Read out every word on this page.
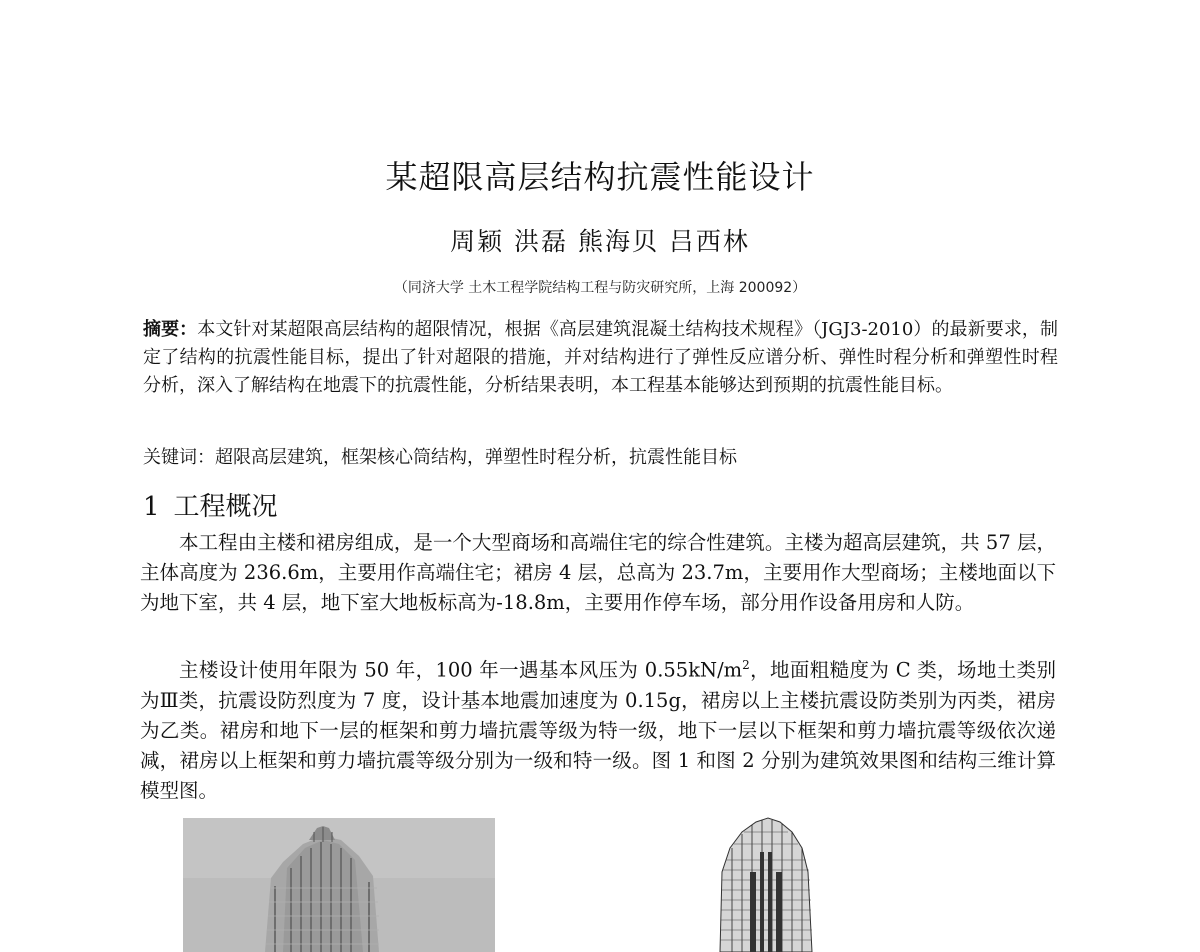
某超限高层结构抗震性能设计
周颖 洪磊 熊海贝 吕西林
（同济大学 土木工程学院结构工程与防灾研究所，上海 200092）
摘要：本文针对某超限高层结构的超限情况，根据《高层建筑混凝土结构技术规程》（JGJ3-2010）的最新要求，制定了结构的抗震性能目标，提出了针对超限的措施，并对结构进行了弹性反应谱分析、弹性时程分析和弹塑性时程分析，深入了解结构在地震下的抗震性能，分析结果表明，本工程基本能够达到预期的抗震性能目标。
关键词：超限高层建筑，框架核心筒结构，弹塑性时程分析，抗震性能目标
1 工程概况
本工程由主楼和裙房组成，是一个大型商场和高端住宅的综合性建筑。主楼为超高层建筑，共 57 层，主体高度为 236.6m，主要用作高端住宅；裙房 4 层，总高为 23.7m，主要用作大型商场；主楼地面以下为地下室，共 4 层，地下室大地板标高为-18.8m，主要用作停车场，部分用作设备用房和人防。
主楼设计使用年限为 50 年，100 年一遇基本风压为 $0.55kN/m^2$，地面粗糙度为 C 类，场地土类别为Ⅲ类，抗震设防烈度为 7 度，设计基本地震加速度为 0.15g，裙房以上主楼抗震设防类别为丙类，裙房为乙类。裙房和地下一层的框架和剪力墙抗震等级为特一级，地下一层以下框架和剪力墙抗震等级依次递减，裙房以上框架和剪力墙抗震等级分别为一级和特一级。图 1 和图 2 分别为建筑效果图和结构三维计算模型图。
